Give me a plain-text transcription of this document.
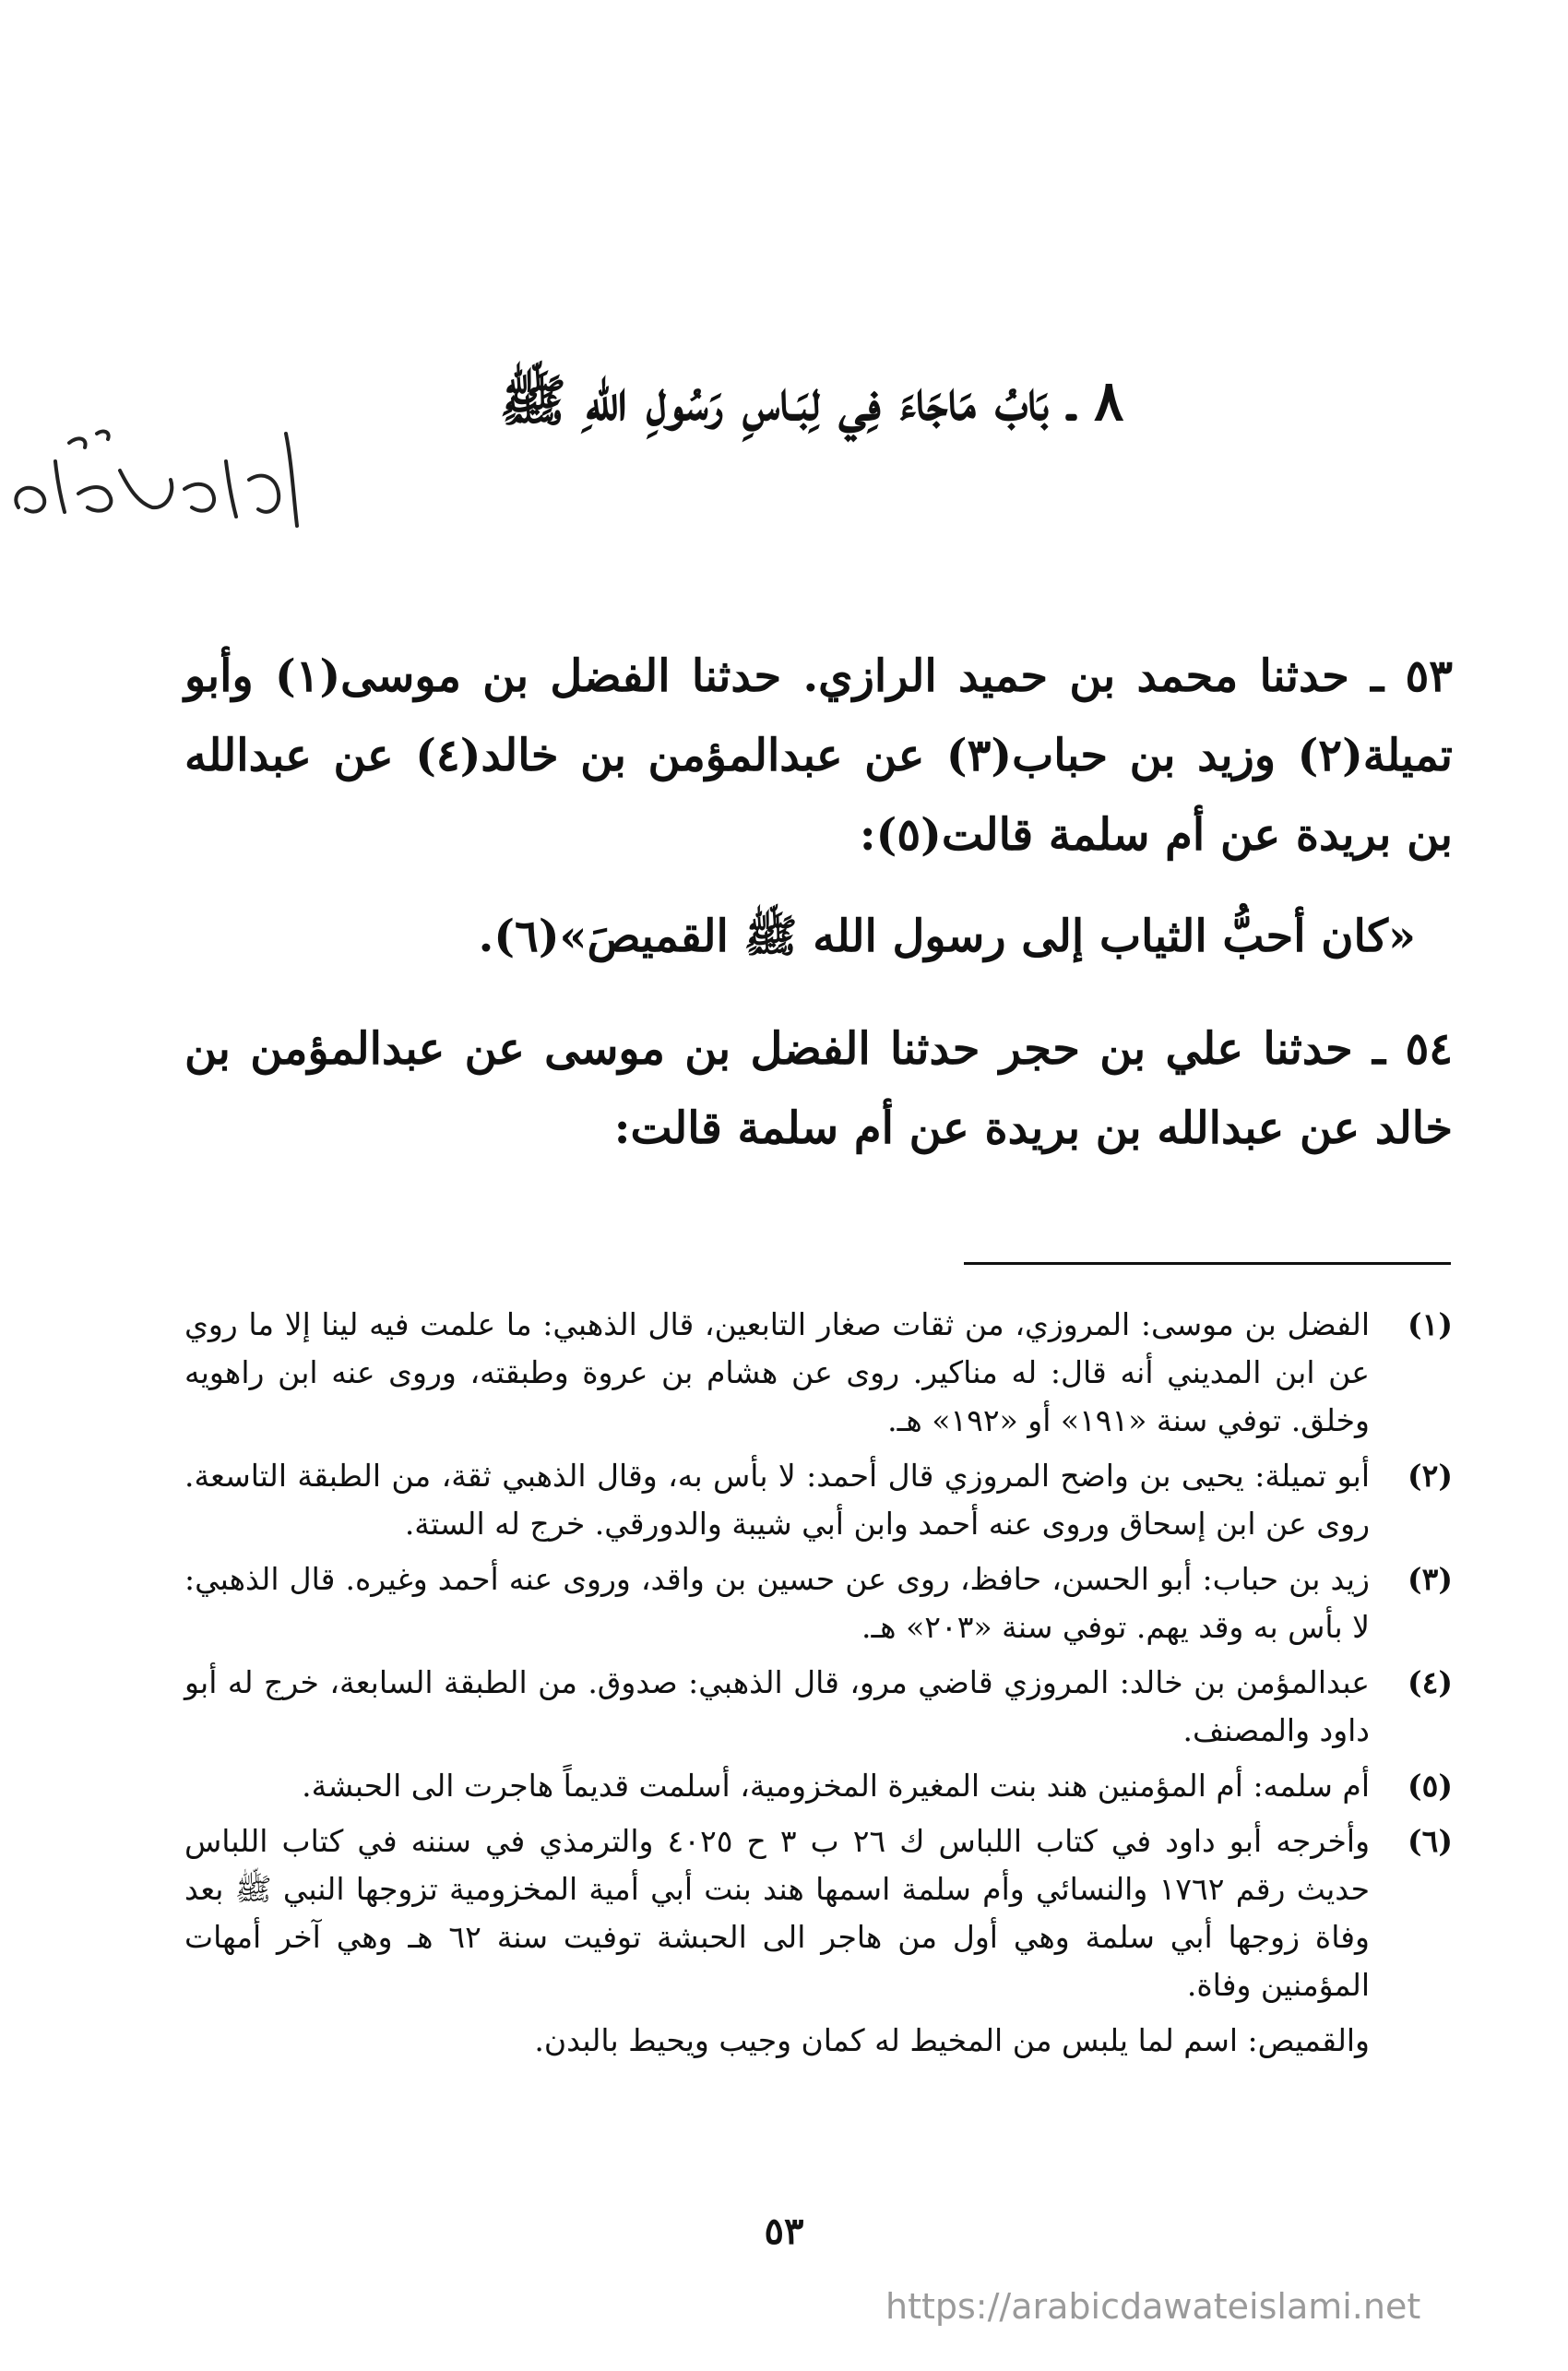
٨ ـ بَابُ مَاجَاءَ فِي لِبَـاسِ رَسُولِ اللهِ ﷺ

٥٣ ـ حدثنا محمد بن حميد الرازي. حدثنا الفضل بن موسى(١) وأبو تميلة(٢) وزيد بن حباب(٣) عن عبدالمؤمن بن خالد(٤) عن عبدالله بن بريدة عن أم سلمة قالت(٥):

«كان أحبُّ الثياب إلى رسول الله ﷺ القميصَ»(٦).

٥٤ ـ حدثنا علي بن حجر حدثنا الفضل بن موسى عن عبدالمؤمن بن خالد عن عبدالله بن بريدة عن أم سلمة قالت:

(١)
الفضل بن موسى: المروزي، من ثقات صغار التابعين، قال الذهبي: ما علمت فيه لينا إلا ما روي عن ابن المديني أنه قال: له مناكير. روى عن هشام بن عروة وطبقته، وروى عنه ابن راهويه وخلق. توفي سنة «١٩١» أو «١٩٢» هـ.
(٢)
أبو تميلة: يحيى بن واضح المروزي قال أحمد: لا بأس به، وقال الذهبي ثقة، من الطبقة التاسعة. روى عن ابن إسحاق وروى عنه أحمد وابن أبي شيبة والدورقي. خرج له الستة.
(٣)
زيد بن حباب: أبو الحسن، حافظ، روى عن حسين بن واقد، وروى عنه أحمد وغيره. قال الذهبي: لا بأس به وقد يهم. توفي سنة «٢٠٣» هـ.
(٤)
عبدالمؤمن بن خالد: المروزي قاضي مرو، قال الذهبي: صدوق. من الطبقة السابعة، خرج له أبو داود والمصنف.
(٥)
أم سلمه: أم المؤمنين هند بنت المغيرة المخزومية، أسلمت قديماً هاجرت الى الحبشة.
(٦)
وأخرجه أبو داود في كتاب اللباس ك ٢٦ ب ٣ ح ٤٠٢٥ والترمذي في سننه في كتاب اللباس حديث رقم ١٧٦٢ والنسائي وأم سلمة اسمها هند بنت أبي أمية المخزومية تزوجها النبي ﷺ بعد وفاة زوجها أبي سلمة وهي أول من هاجر الى الحبشة توفيت سنة ٦٢ هـ وهي آخر أمهات المؤمنين وفاة.
والقميص: اسم لما يلبس من المخيط له كمان وجيب ويحيط بالبدن.
٥٣
https://arabicdawateislami.net
